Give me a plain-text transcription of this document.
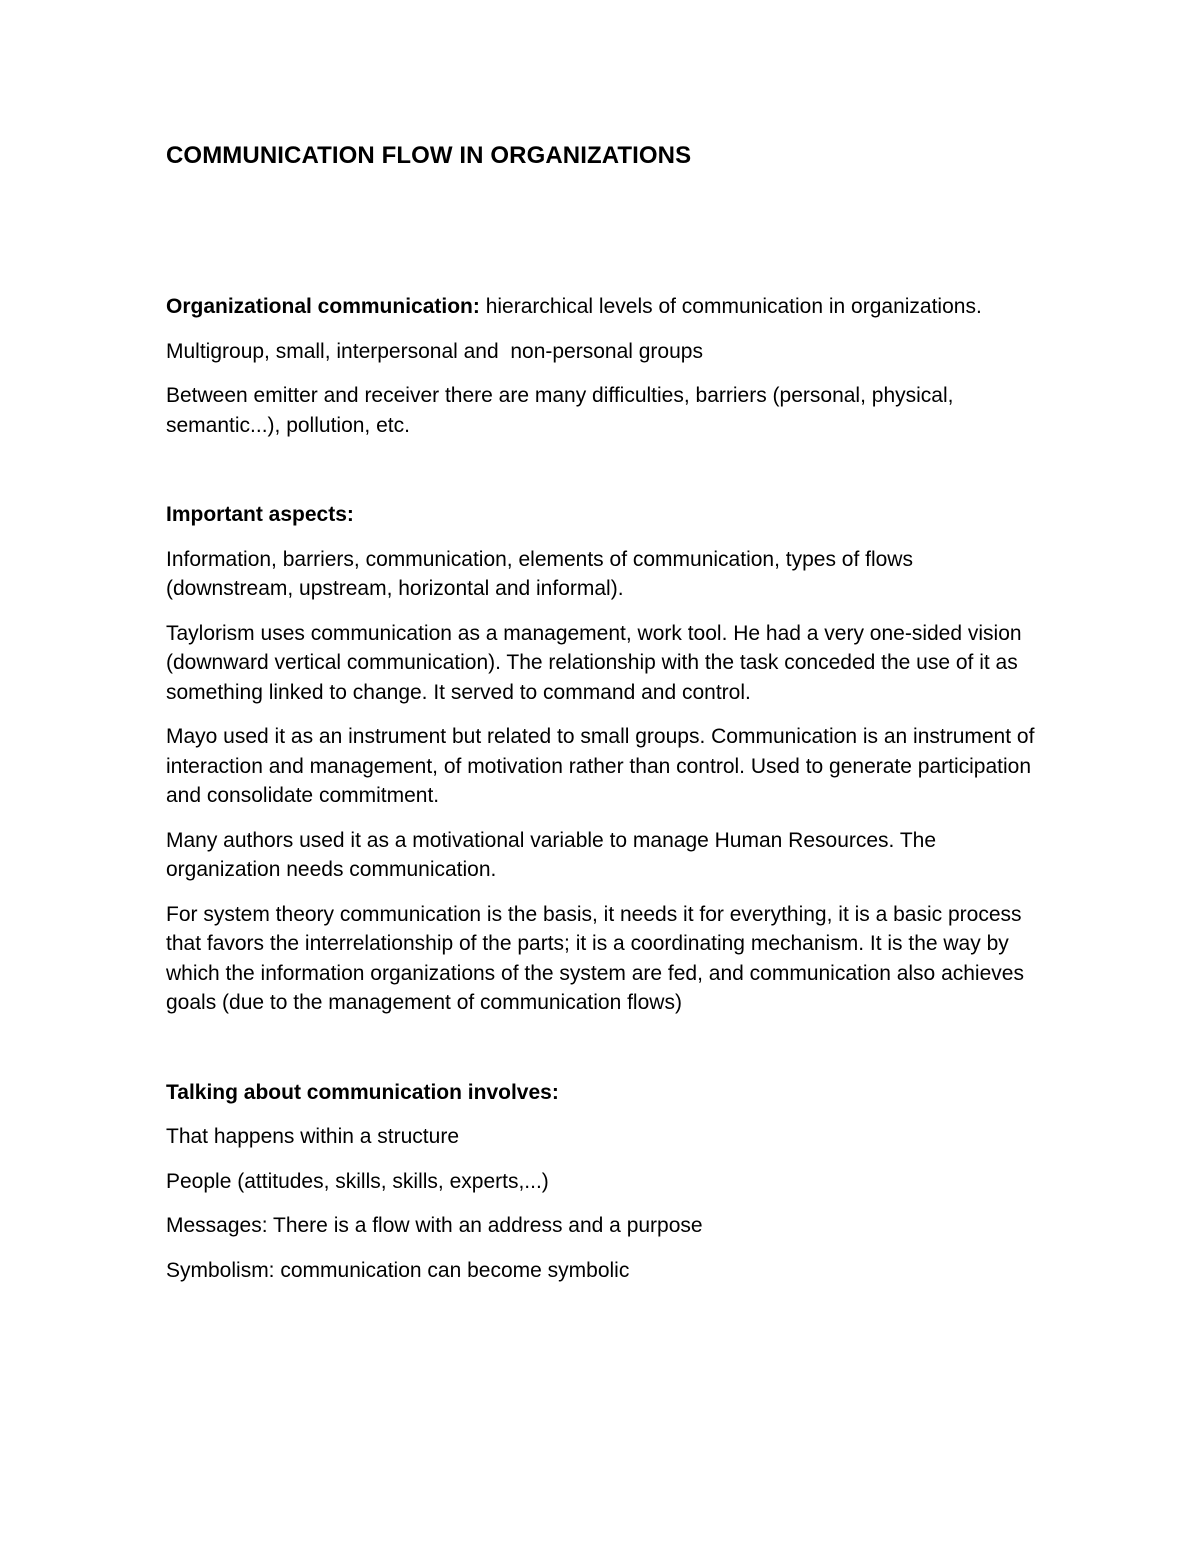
COMMUNICATION FLOW IN ORGANIZATIONS

Organizational communication: hierarchical levels of communication in organizations.

Multigroup, small, interpersonal and  non-personal groups

Between emitter and receiver there are many difficulties, barriers (personal, physical, semantic...), pollution, etc.

Important aspects:

Information, barriers, communication, elements of communication, types of flows (downstream, upstream, horizontal and informal).

Taylorism uses communication as a management, work tool. He had a very one-sided vision (downward vertical communication). The relationship with the task conceded the use of it as something linked to change. It served to command and control.

Mayo used it as an instrument but related to small groups. Communication is an instrument of interaction and management, of motivation rather than control. Used to generate participation and consolidate commitment.

Many authors used it as a motivational variable to manage Human Resources. The organization needs communication.

For system theory communication is the basis, it needs it for everything, it is a basic process that favors the interrelationship of the parts; it is a coordinating mechanism. It is the way by which the information organizations of the system are fed, and communication also achieves goals (due to the management of communication flows)

Talking about communication involves:

That happens within a structure

People (attitudes, skills, skills, experts,...)

Messages: There is a flow with an address and a purpose

Symbolism: communication can become symbolic
